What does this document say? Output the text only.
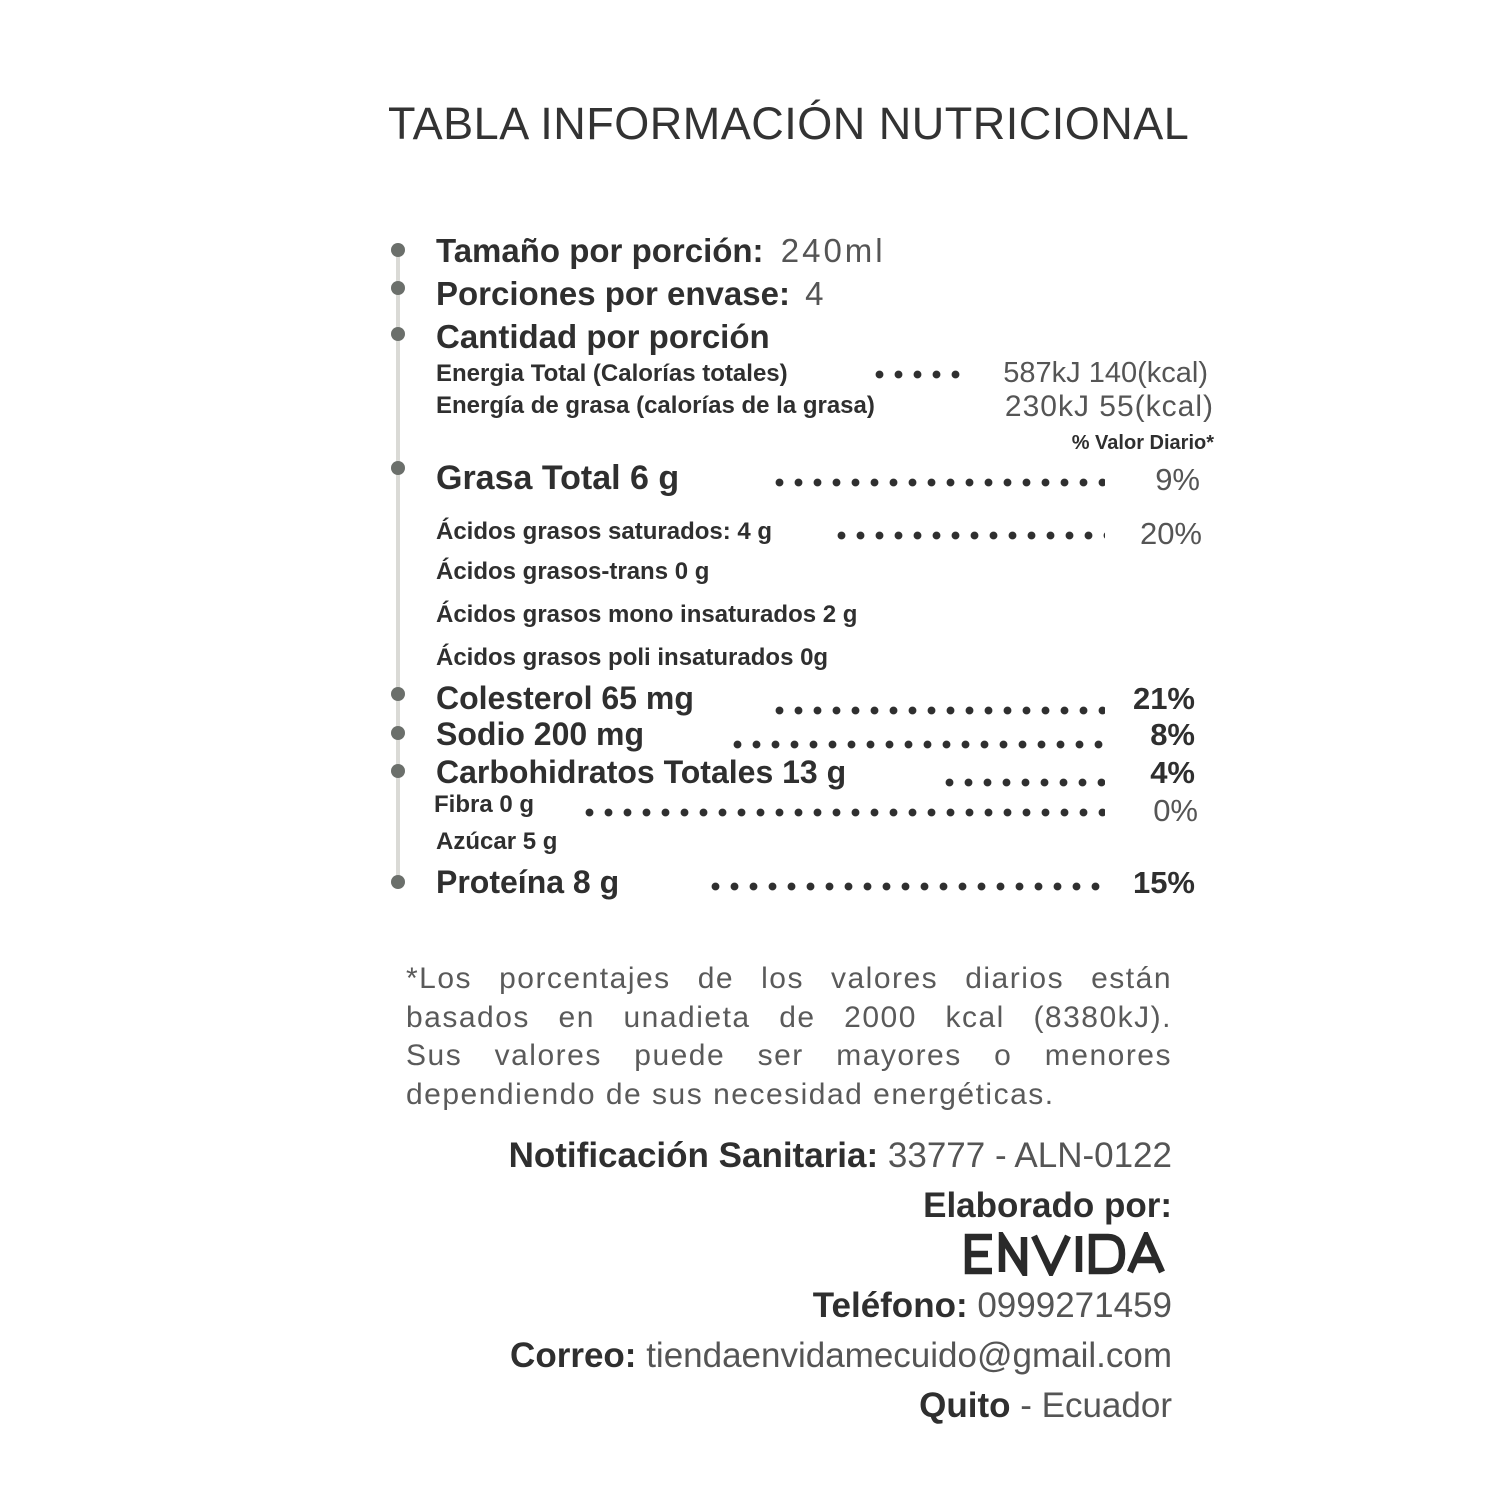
TABLA INFORMACIÓN NUTRICIONAL
Tamaño por porción: 240ml
Porciones por envase: 4
Cantidad por porción
Energia Total (Calorías totales)	587kJ 140(kcal)
Energía de grasa (calorías de la grasa)	230kJ 55(kcal)
% Valor Diario*
Grasa Total 6 g	9%
Ácidos grasos saturados: 4 g	20%
Ácidos grasos-trans 0 g
Ácidos grasos mono insaturados 2 g
Ácidos grasos poli insaturados 0g
Colesterol 65 mg	21%
Sodio 200 mg	8%
Carbohidratos Totales 13 g	4%
Fibra 0 g	0%
Azúcar 5 g
Proteína 8 g	15%
*Los porcentajes de los valores diarios están
basados en unadieta de 2000 kcal (8380kJ).
Sus valores puede ser mayores o menores
dependiendo de sus necesidad energéticas.
Notificación Sanitaria: 33777 - ALN-0122
Elaborado por:
Teléfono: 0999271459
Correo: tiendaenvidamecuido@gmail.com
Quito - Ecuador
